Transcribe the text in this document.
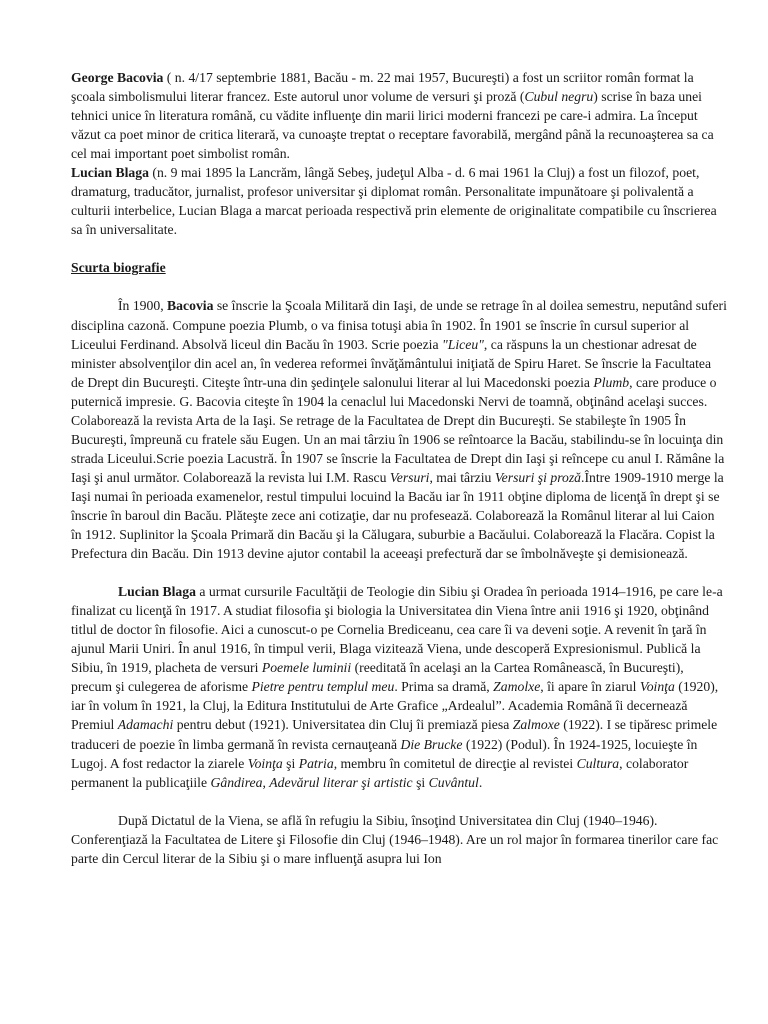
George Bacovia ( n. 4/17 septembrie 1881, Bacău - m. 22 mai 1957, Bucureşti) a fost un scriitor român format la şcoala simbolismului literar francez. Este autorul unor volume de versuri şi proză (Cubul negru) scrise în baza unei tehnici unice în literatura română, cu vădite influenţe din marii lirici moderni francezi pe care-i admira. La început văzut ca poet minor de critica literară, va cunoaşte treptat o receptare favorabilă, mergând până la recunoaşterea sa ca cel mai important poet simbolist român.
Lucian Blaga (n. 9 mai 1895 la Lancrăm, lângă Sebeş, judeţul Alba - d. 6 mai 1961 la Cluj) a fost un filozof, poet, dramaturg, traducător, jurnalist, profesor universitar şi diplomat român. Personalitate impunătoare şi polivalentă a culturii interbelice, Lucian Blaga a marcat perioada respectivă prin elemente de originalitate compatibile cu înscrierea sa în universalitate.

Scurta biografie

În 1900, Bacovia se înscrie la Şcoala Militară din Iaşi, de unde se retrage în al doilea semestru, neputând suferi disciplina cazonă. Compune poezia Plumb, o va finisa totuşi abia în 1902. În 1901 se înscrie în cursul superior al Liceului Ferdinand. Absolvă liceul din Bacău în 1903. Scrie poezia "Liceu", ca răspuns la un chestionar adresat de minister absolvenţilor din acel an, în vederea reformei învăţământului iniţiată de Spiru Haret. Se înscrie la Facultatea de Drept din Bucureşti. Citeşte într-una din şedinţele salonului literar al lui Macedonski poezia Plumb, care produce o puternică impresie. G. Bacovia citeşte în 1904 la cenaclul lui Macedonski Nervi de toamnă, obţinând acelaşi succes. Colaborează la revista Arta de la Iaşi. Se retrage de la Facultatea de Drept din Bucureşti. Se stabileşte în 1905 În Bucureşti, împreună cu fratele său Eugen. Un an mai târziu în 1906 se reîntoarce la Bacău, stabilindu-se în locuinţa din strada Liceului.Scrie poezia Lacustră. În 1907 se înscrie la Facultatea de Drept din Iaşi şi reîncepe cu anul I. Rămâne la Iaşi şi anul următor. Colaborează la revista lui I.M. Rascu Versuri, mai târziu Versuri şi proză.Între 1909-1910 merge la Iaşi numai în perioada examenelor, restul timpului locuind la Bacău iar în 1911 obţine diploma de licenţă în drept şi se înscrie în baroul din Bacău. Plăteşte zece ani cotizaţie, dar nu profesează. Colaborează la Românul literar al lui Caion în 1912. Suplinitor la Şcoala Primară din Bacău şi la Călugara, suburbie a Bacăului. Colaborează la Flacăra. Copist la Prefectura din Bacău. Din 1913 devine ajutor contabil la aceeaşi prefectură dar se îmbolnăveşte şi demisionează.

Lucian Blaga a urmat cursurile Facultăţii de Teologie din Sibiu şi Oradea în perioada 1914–1916, pe care le-a finalizat cu licenţă în 1917. A studiat filosofia şi biologia la Universitatea din Viena între anii 1916 şi 1920, obţinând titlul de doctor în filosofie. Aici a cunoscut-o pe Cornelia Brediceanu, cea care îi va deveni soţie. A revenit în ţară în ajunul Marii Uniri. În anul 1916, în timpul verii, Blaga vizitează Viena, unde descoperă Expresionismul. Publică la Sibiu, în 1919, placheta de versuri Poemele luminii (reeditată în acelaşi an la Cartea Românească, în Bucureşti), precum şi culegerea de aforisme Pietre pentru templul meu. Prima sa dramă, Zamolxe, îi apare în ziarul Voinţa (1920), iar în volum în 1921, la Cluj, la Editura Institutului de Arte Grafice „Ardealul”. Academia Română îi decernează Premiul Adamachi pentru debut (1921). Universitatea din Cluj îi premiază piesa Zalmoxe (1922). I se tipăresc primele traduceri de poezie în limba germană în revista cernauţeană Die Brucke (1922) (Podul). În 1924-1925, locuieşte în Lugoj. A fost redactor la ziarele Voinţa şi Patria, membru în comitetul de direcţie al revistei Cultura, colaborator permanent la publicaţiile Gândirea, Adevărul literar şi artistic şi Cuvântul.

După Dictatul de la Viena, se află în refugiu la Sibiu, însoţind Universitatea din Cluj (1940–1946). Conferenţiază la Facultatea de Litere şi Filosofie din Cluj (1946–1948). Are un rol major în formarea tinerilor care fac parte din Cercul literar de la Sibiu şi o mare influenţă asupra lui Ion
